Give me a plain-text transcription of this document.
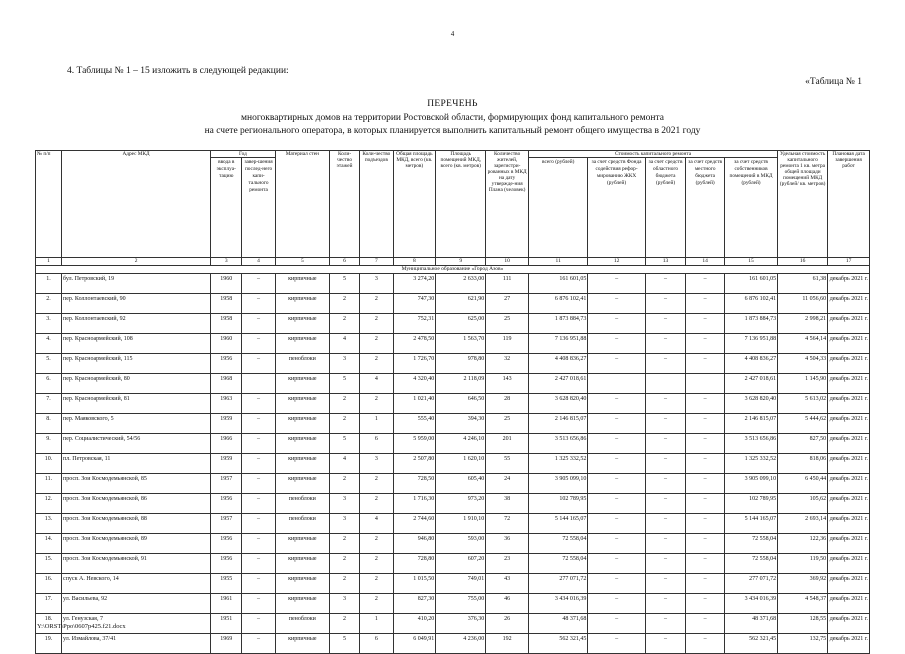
4
4. Таблицы № 1 – 15 изложить в следующей редакции:
«Таблица № 1
ПЕРЕЧЕНЬ
многоквартирных домов на территории Ростовской области, формирующих фонд капитального ремонта
на счете регионального оператора, в которых планируется выполнить капитальный ремонт общего имущества в 2021 году
№ п/п	Адрес МКД	Год		Материал стен	Коли-чество этажей	Коли-чество подъездов	Общая площадь МКД, всего (кв. метров)	Площадь помещений МКД, всего (кв. метров)	Количество жителей, зарегистри-рованных в МКД на дату утвержде-ния Плана (человек)	Стоимость капитального ремонта					Удельная стоимость капитального ремонта 1 кв. метра общей площади помещений МКД (рублей/ кв. метров)	Плановая дата завершения работ
		ввода в эксплуа-тацию	завер-шения послед-него капи-тального ремонта							всего (рублей)	за счет средств Фонда содействия рефор-мированию ЖКХ (рублей)	за счет средств областного бюджета (рублей)	за счет средств местного бюджета (рублей)	за счет средств собственников помещений в МКД (рублей)		
1	2	3	4	5	6	7	8	9	10	11	12	13	14	15	16	17
Муниципальное образование «Город Азов»																
1.	бул. Петровский, 19	1960	–	кирпичные	5	3	3 274,20	2 633,00	111	161 601,05	–	–	–	161 601,05	61,38	декабрь 2021 г.
2.	пер. Коллонтаевский, 90	1958	–	кирпичные	2	2	747,30	621,90	27	6 876 102,41	–	–	–	6 876 102,41	11 056,60	декабрь 2021 г.
3.	пер. Коллонтаевский, 92	1958	–	кирпичные	2	2	752,31	625,00	25	1 873 884,73	–	–	–	1 873 884,73	2 998,21	декабрь 2021 г.
4.	пер. Красноармейский, 108	1960	–	кирпичные	4	2	2 478,50	1 563,70	119	7 136 951,88	–	–	–	7 136 951,88	4 564,14	декабрь 2021 г.
5.	пер. Красноармейский, 115	1956	–	пеноблоки	3	2	1 726,70	978,80	32	4 408 836,27	–	–	–	4 408 836,27	4 504,33	декабрь 2021 г.
6.	пер. Красноармейский, 80	1968		кирпичные	5	4	4 320,40	2 118,09	143	2 427 018,61				2 427 018,61	1 145,90	декабрь 2021 г.
7.	пер. Красноармейский, 81	1963	–	кирпичные	2	2	1 021,40	646,50	28	3 628 820,40	–	–	–	3 628 820,40	5 613,02	декабрь 2021 г.
8.	пер. Маяковского, 5	1959	–	кирпичные	2	1	555,40	394,30	25	2 146 815,07	–	–	–	2 146 815,07	5 444,62	декабрь 2021 г.
9.	пер. Социалистический, 54/56	1966	–	кирпичные	5	6	5 959,00	4 246,10	201	3 513 656,86	–	–	–	3 513 656,86	827,50	декабрь 2021 г.
10.	пл. Петровская, 11	1959	–	кирпичные	4	3	2 507,80	1 620,10	55	1 325 332,52	–	–	–	1 325 332,52	818,06	декабрь 2021 г.
11.	просп. Зои Космодемьянской, 85	1957	–	кирпичные	2	2	728,50	605,40	24	3 905 099,10	–	–	–	3 905 099,10	6 450,44	декабрь 2021 г.
12.	просп. Зои Космодемьянской, 86	1956	–	пеноблоки	3	2	1 716,30	973,20	38	102 789,95	–	–	–	102 789,95	105,62	декабрь 2021 г.
13.	просп. Зои Космодемьянской, 88	1957	–	пеноблоки	3	4	2 744,60	1 910,10	72	5 144 165,07	–	–	–	5 144 165,07	2 693,14	декабрь 2021 г.
14.	просп. Зои Космодемьянской, 89	1956	–	кирпичные	2	2	946,80	593,00	36	72 558,04	–	–	–	72 558,04	122,36	декабрь 2021 г.
15.	просп. Зои Космодемьянской, 91	1956	–	кирпичные	2	2	728,80	607,20	23	72 558,04	–	–	–	72 558,04	119,50	декабрь 2021 г.
16.	спуск А. Невского, 14	1955	–	кирпичные	2	2	1 015,50	749,01	43	277 071,72	–	–	–	277 071,72	369,92	декабрь 2021 г.
17.	ул. Васильева, 92	1961	–	кирпичные	3	2	827,30	755,00	46	3 434 016,39	–	–	–	3 434 016,39	4 548,37	декабрь 2021 г.
18.	ул. Генузская, 7	1951	–	пеноблоки	2	1	410,20	376,30	26	48 371,68	–	–	–	48 371,68	128,55	декабрь 2021 г.
19.	ул. Измайлова, 37/41	1969	–	кирпичные	5	6	6 049,91	4 236,00	192	562 321,45	–	–	–	562 321,45	132,75	декабрь 2021 г.
Y:\ORST\Ppo\0607p425.f21.docx
